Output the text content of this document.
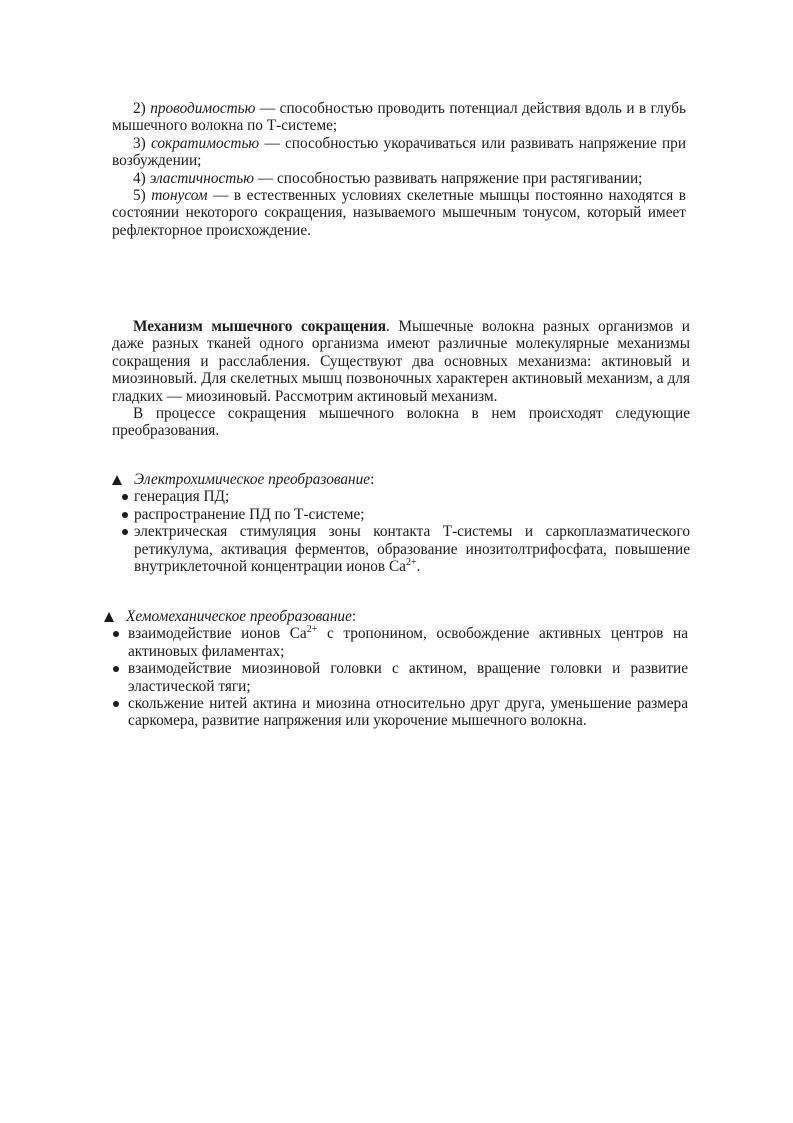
2) проводимостью — способностью проводить потенциал действия вдоль и в глубь мышечного волокна по Т-системе;

3) сократимостью — способностью укорачиваться или развивать напряжение при возбуждении;

4) эластичностью — способностью развивать напряжение при растягивании;

5) тонусом — в естественных условиях скелетные мышцы постоянно находятся в состоянии некоторого сокращения, называемого мышечным тонусом, который имеет рефлекторное происхождение.

Механизм мышечного сокращения. Мышечные волокна разных организмов и даже разных тканей одного организма имеют различные молекулярные механизмы сокращения и расслабления. Существуют два основных механизма: актиновый и миозиновый. Для скелетных мышц позвоночных характерен актиновый механизм, а для гладких — миозиновый. Рассмотрим актиновый механизм.

В процессе сокращения мышечного волокна в нем происходят следующие преобразования.

Электрохимическое преобразование:

генерация ПД;
распространение ПД по Т-системе;
электрическая стимуляция зоны контакта Т-системы и саркоплазматического ретикулума, активация ферментов, образование инозитолтрифосфата, повышение внутриклеточной концентрации ионов $Ca^{2+}$.

Хемомеханическое преобразование:

взаимодействие ионов $Ca^{2+}$ с тропонином, освобождение активных центров на актиновых филаментах;
взаимодействие миозиновой головки с актином, вращение головки и развитие эластической тяги;
скольжение нитей актина и миозина относительно друг друга, уменьшение размера саркомера, развитие напряжения или укорочение мышечного волокна.
